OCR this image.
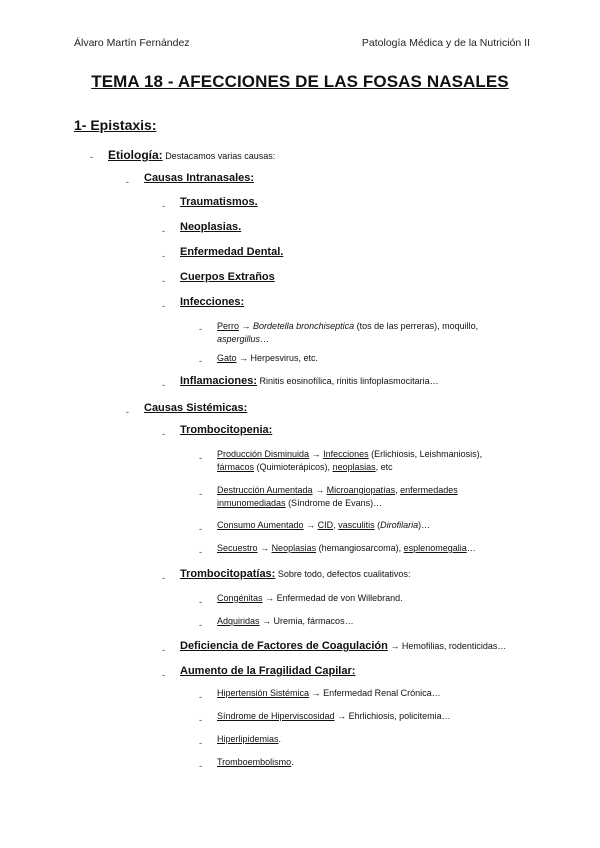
Álvaro Martín Fernández	Patología Médica y de la Nutrición II
TEMA 18 - AFECCIONES DE LAS FOSAS NASALES
1- Epistaxis:
- Etiología: Destacamos varias causas:
- Causas Intranasales:
- Traumatismos.
- Neoplasias.
- Enfermedad Dental.
- Cuerpos Extraños
- Infecciones:
- Perro → Bordetella bronchiseptica (tos de las perreras), moquillo,
aspergillus…
- Gato → Herpesvirus, etc.
- Inflamaciones: Rinitis eosinofílica, rinitis linfoplasmocitaria…
- Causas Sistémicas:
- Trombocitopenia:
- Producción Disminuida → Infecciones (Erlichiosis, Leishmaniosis),
fármacos (Quimioterápicos), neoplasias, etc
- Destrucción Aumentada → Microangiopatías, enfermedades
inmunomediadas (Síndrome de Evans)…
- Consumo Aumentado → CID, vasculitis (Dirofilaria)…
- Secuestro → Neoplasias (hemangiosarcoma), esplenomegalia…
- Trombocitopatías: Sobre todo, defectos cualitativos:
- Congénitas → Enfermedad de von Willebrand.
- Adquiridas → Uremia, fármacos…
- Deficiencia de Factores de Coagulación → Hemofilias, rodenticidas…
- Aumento de la Fragilidad Capilar:
- Hipertensión Sistémica → Enfermedad Renal Crónica…
- Síndrome de Hiperviscosidad → Ehrlichiosis, policitemia…
- Hiperlipidemias.
- Tromboembolismo.
